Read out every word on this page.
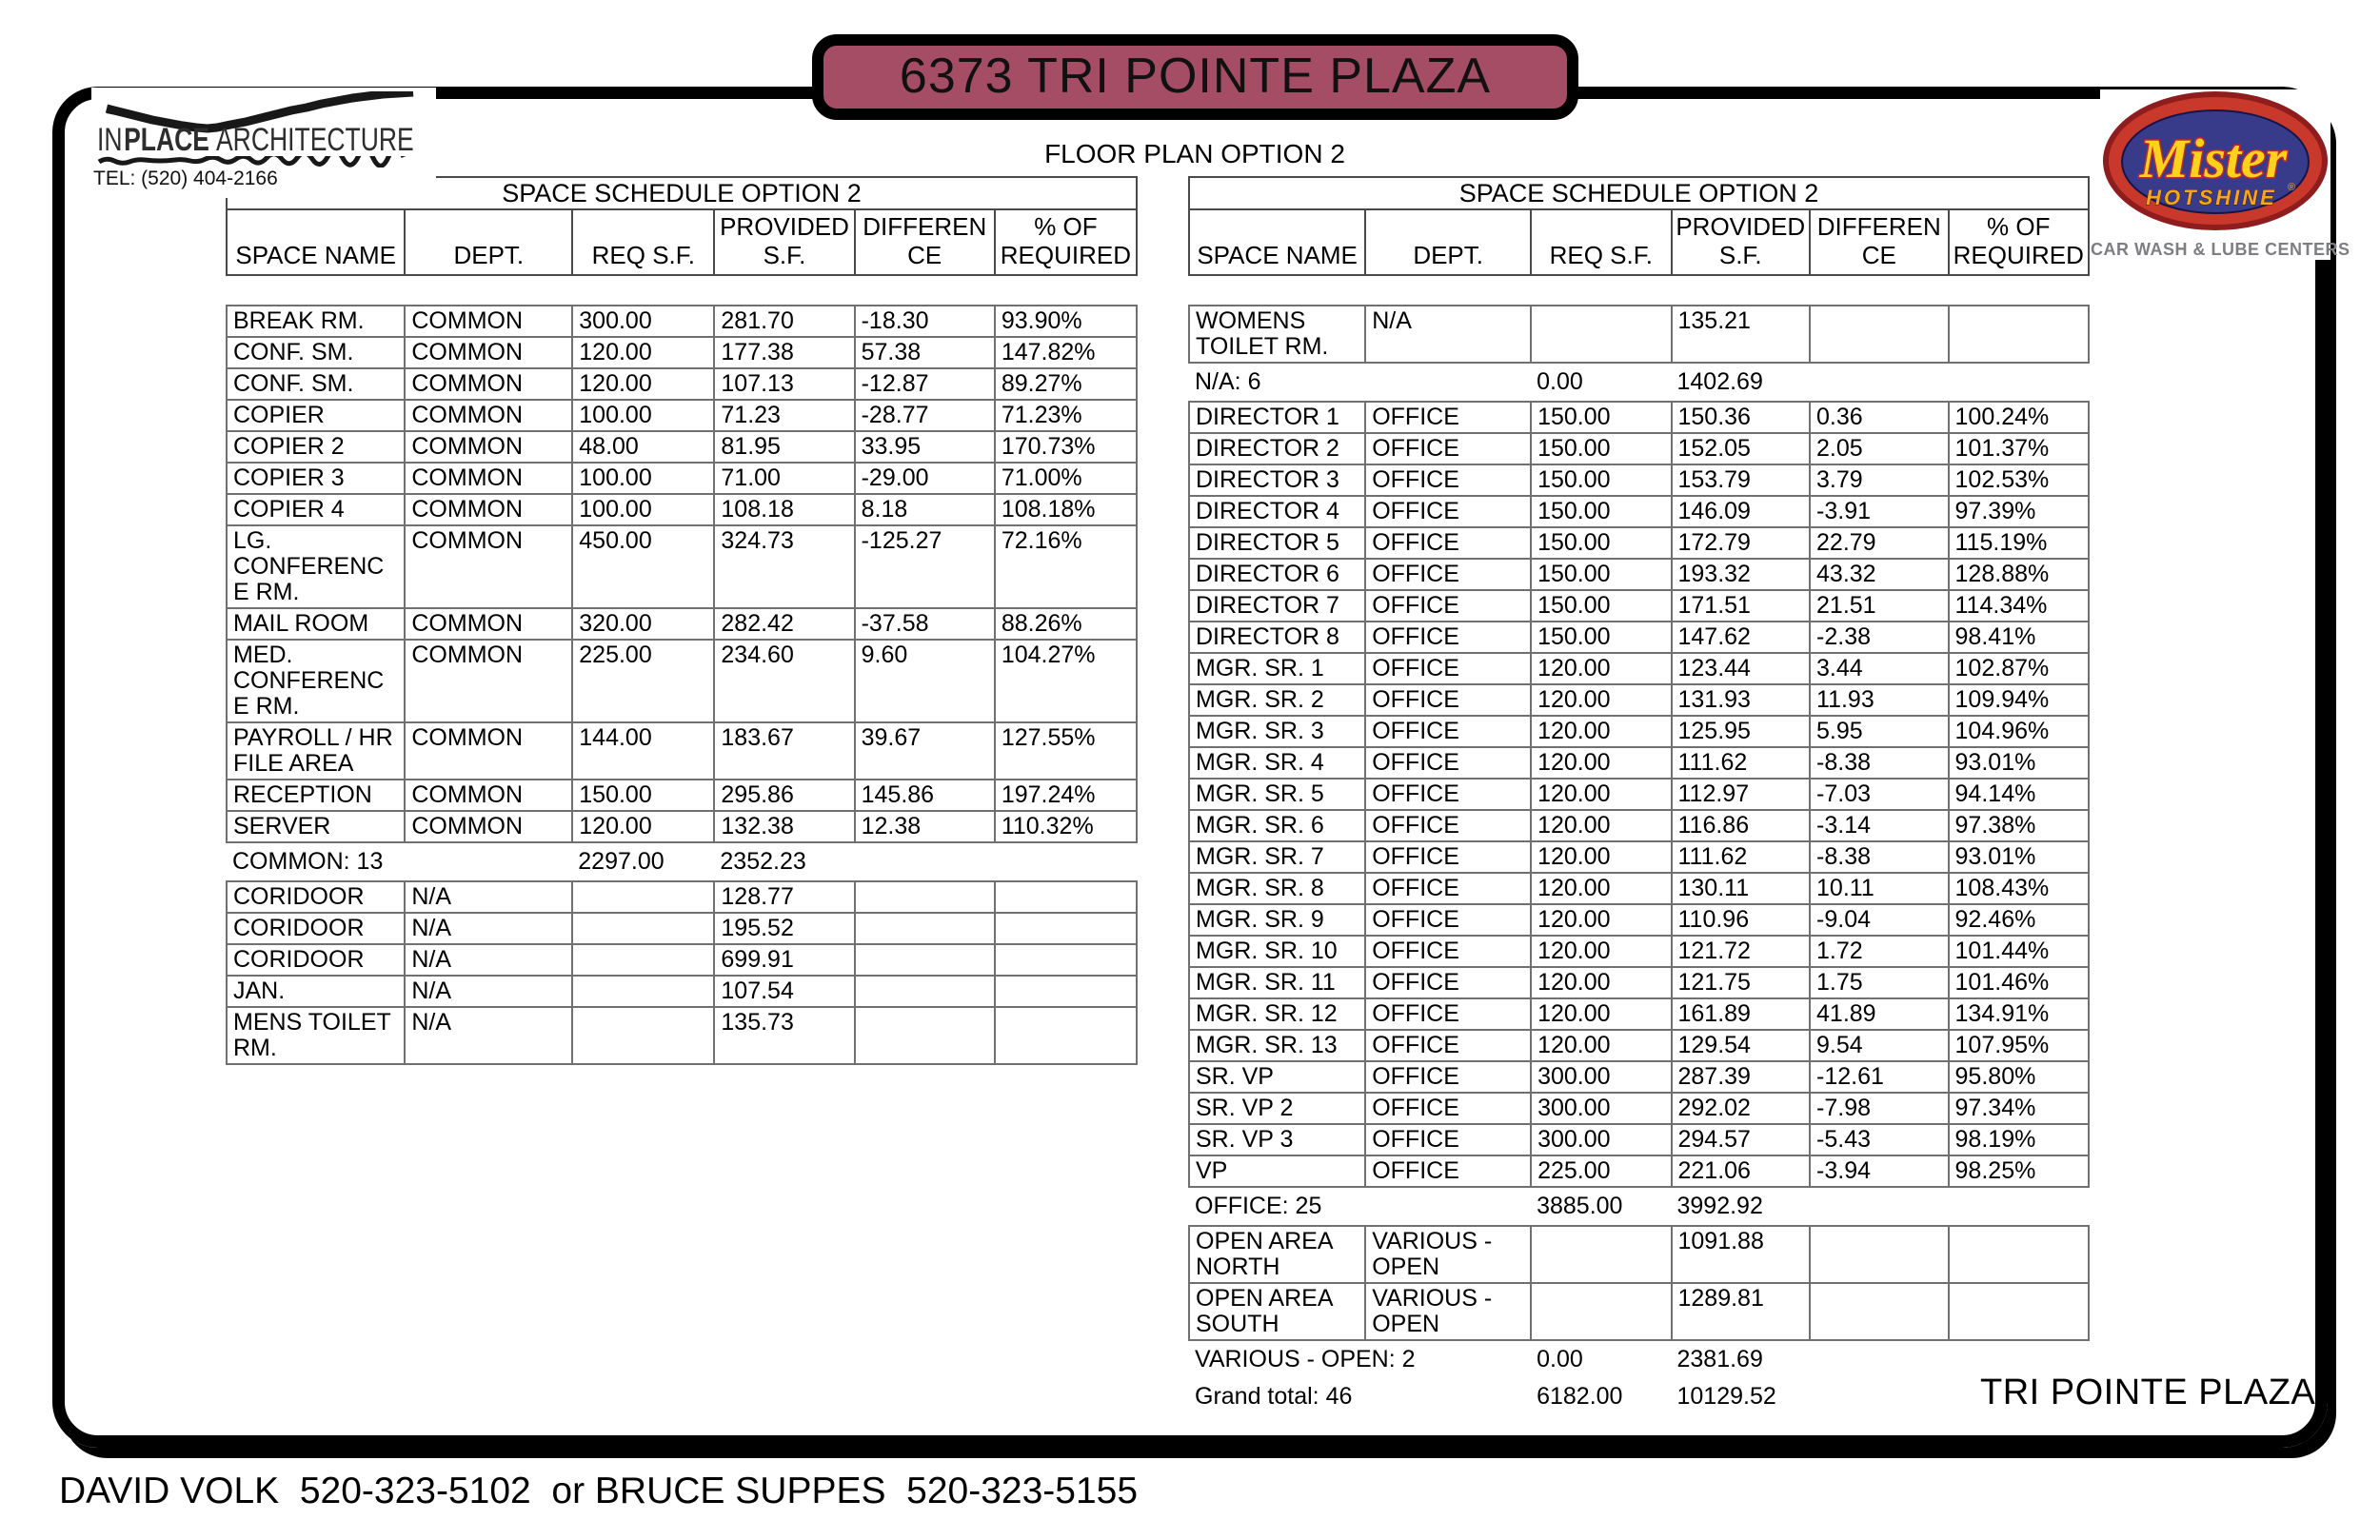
6373 TRI POINTE PLAZA
FLOOR PLAN OPTION 2
INPLACE ARCHITECTURE
TEL: (520) 404-2166	Mister
HOTSHINE ®
CAR WASH & LUBE CENTERS
SPACE SCHEDULE OPTION 2					
SPACE NAME	DEPT.	REQ S.F.	PROVIDED S.F.	DIFFERENCE	% OF REQUIRED

BREAK RM.	COMMON	300.00	281.70	-18.30	93.90%
CONF. SM.	COMMON	120.00	177.38	57.38	147.82%
CONF. SM.	COMMON	120.00	107.13	-12.87	89.27%
COPIER	COMMON	100.00	71.23	-28.77	71.23%
COPIER 2	COMMON	48.00	81.95	33.95	170.73%
COPIER 3	COMMON	100.00	71.00	-29.00	71.00%
COPIER 4	COMMON	100.00	108.18	8.18	108.18%
LG. CONFERENCE RM.	COMMON	450.00	324.73	-125.27	72.16%
MAIL ROOM	COMMON	320.00	282.42	-37.58	88.26%
MED. CONFERENCE RM.	COMMON	225.00	234.60	9.60	104.27%
PAYROLL / HR FILE AREA	COMMON	144.00	183.67	39.67	127.55%
RECEPTION	COMMON	150.00	295.86	145.86	197.24%
SERVER	COMMON	120.00	132.38	12.38	110.32%
COMMON: 13		2297.00	2352.23		
CORIDOOR	N/A		128.77		
CORIDOOR	N/A		195.52		
CORIDOOR	N/A		699.91		
JAN.	N/A		107.54		
MENS TOILET RM.	N/A		135.73		
SPACE SCHEDULE OPTION 2					
SPACE NAME	DEPT.	REQ S.F.	PROVIDED S.F.	DIFFERENCE	% OF REQUIRED

WOMENS TOILET RM.	N/A		135.21		
N/A: 6		0.00	1402.69		
DIRECTOR 1	OFFICE	150.00	150.36	0.36	100.24%
DIRECTOR 2	OFFICE	150.00	152.05	2.05	101.37%
DIRECTOR 3	OFFICE	150.00	153.79	3.79	102.53%
DIRECTOR 4	OFFICE	150.00	146.09	-3.91	97.39%
DIRECTOR 5	OFFICE	150.00	172.79	22.79	115.19%
DIRECTOR 6	OFFICE	150.00	193.32	43.32	128.88%
DIRECTOR 7	OFFICE	150.00	171.51	21.51	114.34%
DIRECTOR 8	OFFICE	150.00	147.62	-2.38	98.41%
MGR. SR. 1	OFFICE	120.00	123.44	3.44	102.87%
MGR. SR. 2	OFFICE	120.00	131.93	11.93	109.94%
MGR. SR. 3	OFFICE	120.00	125.95	5.95	104.96%
MGR. SR. 4	OFFICE	120.00	111.62	-8.38	93.01%
MGR. SR. 5	OFFICE	120.00	112.97	-7.03	94.14%
MGR. SR. 6	OFFICE	120.00	116.86	-3.14	97.38%
MGR. SR. 7	OFFICE	120.00	111.62	-8.38	93.01%
MGR. SR. 8	OFFICE	120.00	130.11	10.11	108.43%
MGR. SR. 9	OFFICE	120.00	110.96	-9.04	92.46%
MGR. SR. 10	OFFICE	120.00	121.72	1.72	101.44%
MGR. SR. 11	OFFICE	120.00	121.75	1.75	101.46%
MGR. SR. 12	OFFICE	120.00	161.89	41.89	134.91%
MGR. SR. 13	OFFICE	120.00	129.54	9.54	107.95%
SR. VP	OFFICE	300.00	287.39	-12.61	95.80%
SR. VP 2	OFFICE	300.00	292.02	-7.98	97.34%
SR. VP 3	OFFICE	300.00	294.57	-5.43	98.19%
VP	OFFICE	225.00	221.06	-3.94	98.25%
OFFICE: 25		3885.00	3992.92		
OPEN AREA NORTH	VARIOUS - OPEN		1091.88		
OPEN AREA SOUTH	VARIOUS - OPEN		1289.81		
VARIOUS - OPEN: 2		0.00	2381.69		
Grand total: 46		6182.00	10129.52			TRI POINTE PLAZA
DAVID VOLK  520-323-5102  or BRUCE SUPPES  520-323-5155
